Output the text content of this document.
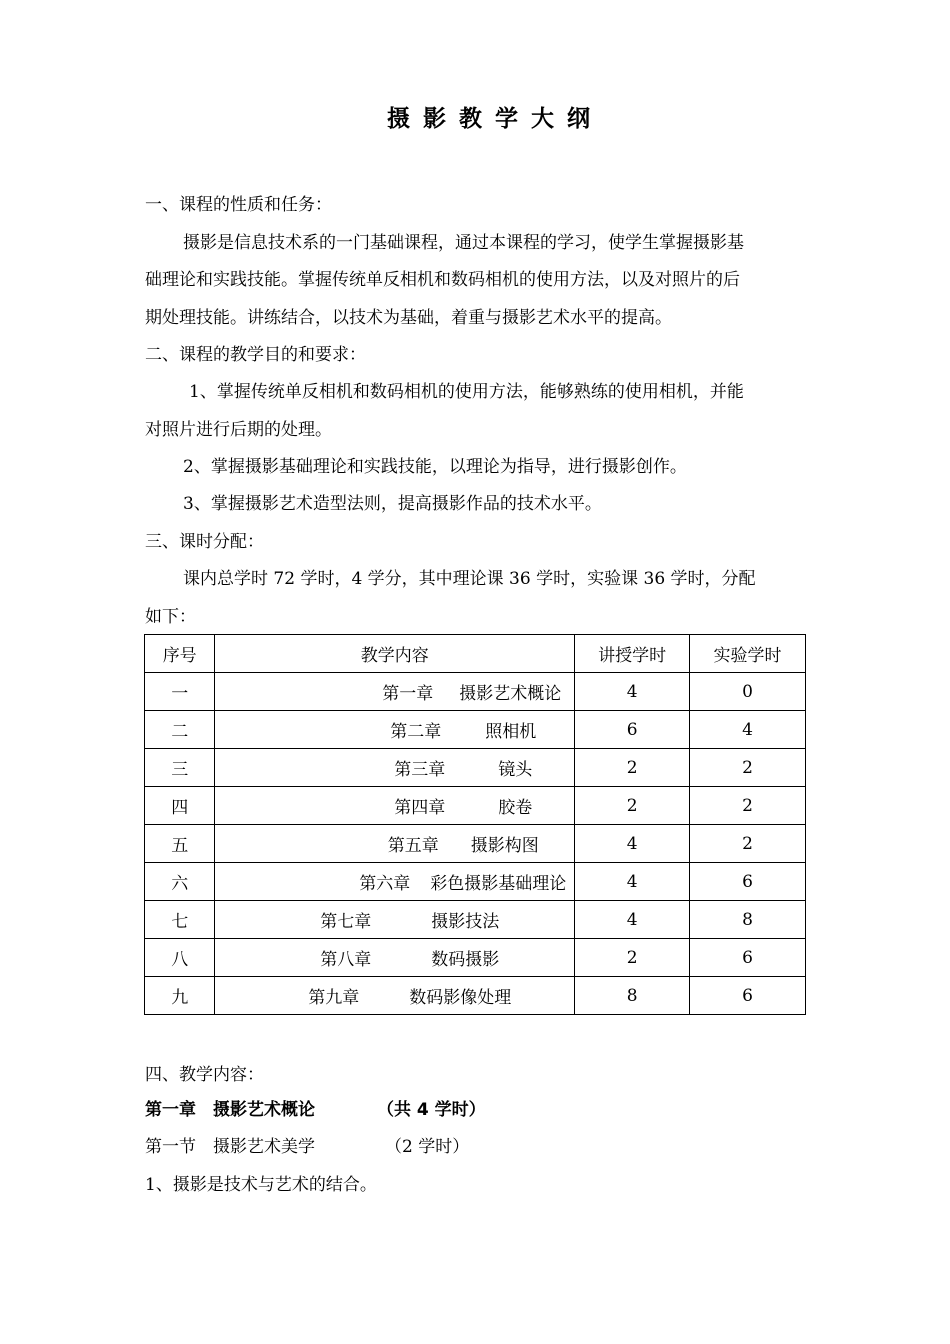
摄影教学大纲
一、课程的性质和任务：
摄影是信息技术系的一门基础课程，通过本课程的学习，使学生掌握摄影基
础理论和实践技能。掌握传统单反相机和数码相机的使用方法，以及对照片的后
期处理技能。讲练结合，以技术为基础，着重与摄影艺术水平的提高。
二、课程的教学目的和要求：
1、掌握传统单反相机和数码相机的使用方法，能够熟练的使用相机，并能
对照片进行后期的处理。
2、掌握摄影基础理论和实践技能，以理论为指导，进行摄影创作。
3、掌握摄影艺术造型法则，提高摄影作品的技术水平。
三、课时分配：
课内总学时 72 学时，4 学分，其中理论课 36 学时，实验课 36 学时，分配
如下：
序号	教学内容	讲授学时	实验学时
一	第一章 摄影艺术概论	4	0
二	第二章 照相机	6	4
三	第三章 镜头	2	2
四	第四章 胶卷	2	2
五	第五章 摄影构图	4	2
六	第六章 彩色摄影基础理论	4	6
七	第七章 摄影技法	4	8
八	第八章 数码摄影	2	6
九	第九章 数码影像处理	8	6
四、教学内容：
第一章　摄影艺术概论	（共 4 学时）
第一节　摄影艺术美学	（2 学时）
1、摄影是技术与艺术的结合。
